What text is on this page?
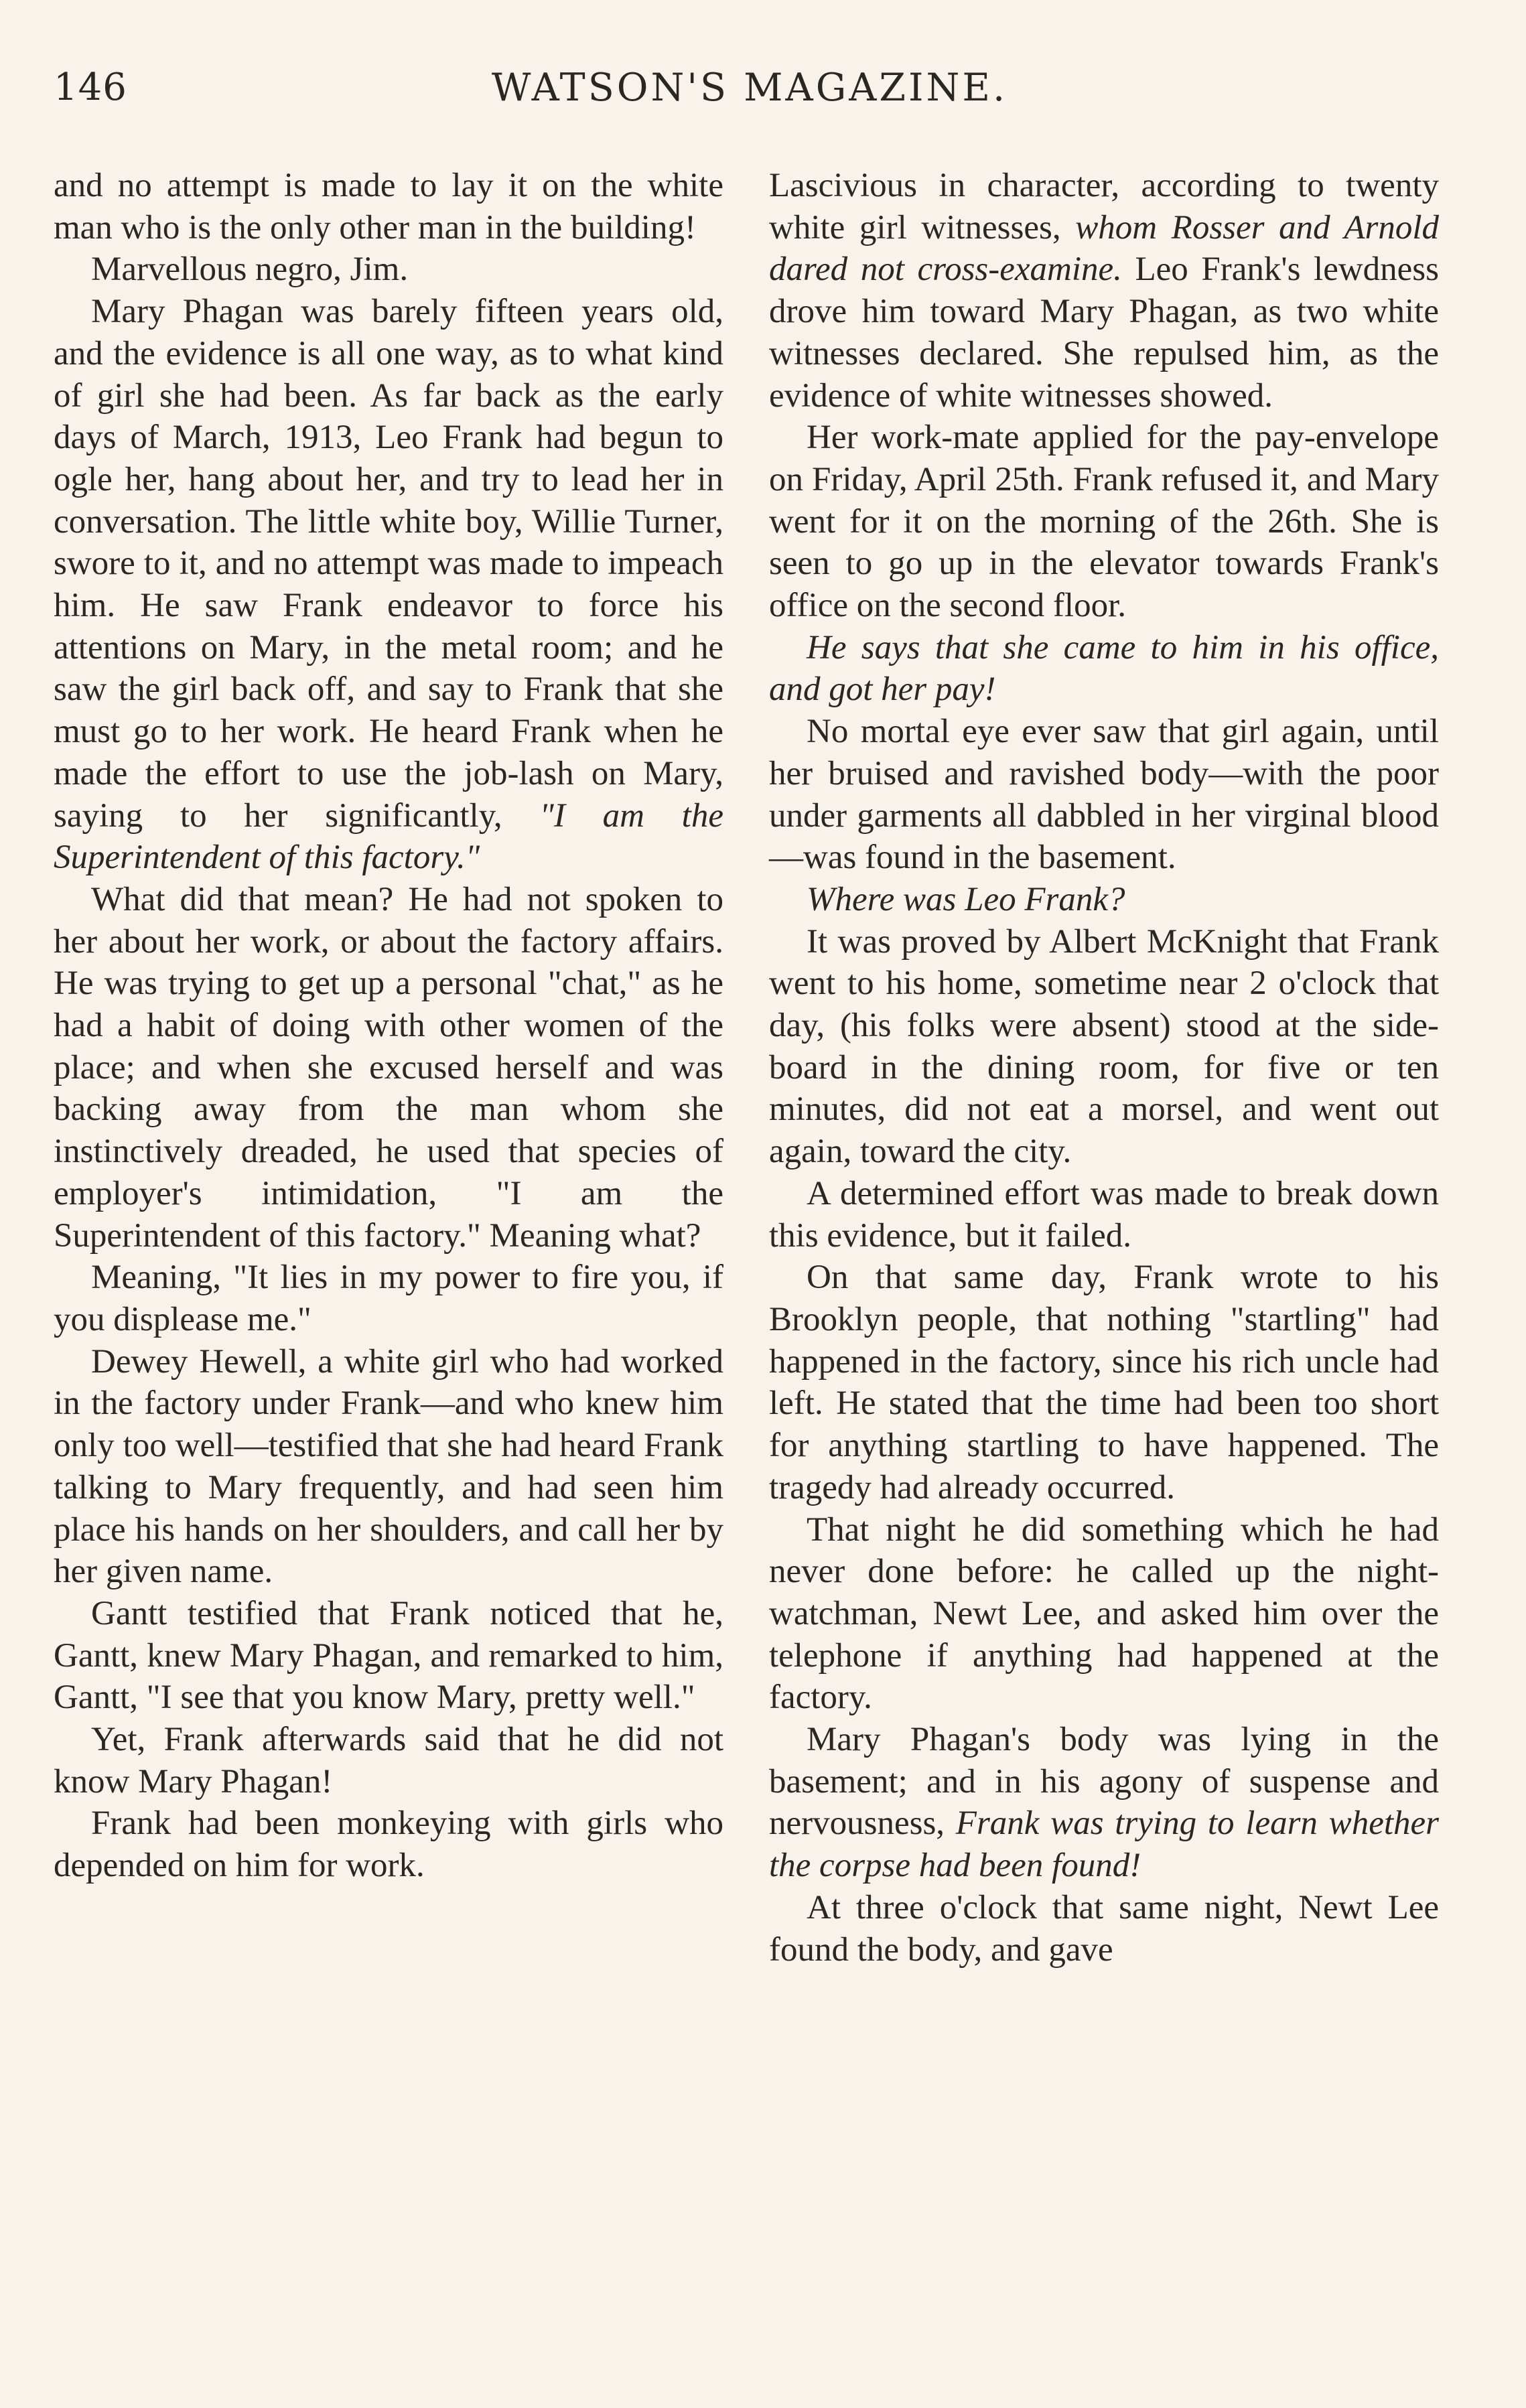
146	WATSON'S MAGAZINE.

and no attempt is made to lay it on the white man who is the only other man in the building!

Marvellous negro, Jim.

Mary Phagan was barely fifteen years old, and the evidence is all one way, as to what kind of girl she had been. As far back as the early days of March, 1913, Leo Frank had begun to ogle her, hang about her, and try to lead her in conversation. The little white boy, Willie Turner, swore to it, and no attempt was made to impeach him. He saw Frank endeavor to force his attentions on Mary, in the metal room; and he saw the girl back off, and say to Frank that she must go to her work. He heard Frank when he made the effort to use the job-lash on Mary, saying to her significantly, "I am the Superintendent of this factory."

What did that mean? He had not spoken to her about her work, or about the factory affairs. He was trying to get up a personal "chat," as he had a habit of doing with other women of the place; and when she excused herself and was backing away from the man whom she instinctively dreaded, he used that species of employer's intimidation, "I am the Superintendent of this factory." Meaning what?

Meaning, "It lies in my power to fire you, if you displease me."

Dewey Hewell, a white girl who had worked in the factory under Frank—and who knew him only too well—testified that she had heard Frank talking to Mary frequently, and had seen him place his hands on her shoulders, and call her by her given name.

Gantt testified that Frank noticed that he, Gantt, knew Mary Phagan, and remarked to him, Gantt, "I see that you know Mary, pretty well."

Yet, Frank afterwards said that he did not know Mary Phagan!

Frank had been monkeying with girls who depended on him for work.

Lascivious in character, according to twenty white girl witnesses, whom Rosser and Arnold dared not cross-examine. Leo Frank's lewdness drove him toward Mary Phagan, as two white witnesses declared. She repulsed him, as the evidence of white witnesses showed.

Her work-mate applied for the pay-envelope on Friday, April 25th. Frank refused it, and Mary went for it on the morning of the 26th. She is seen to go up in the elevator towards Frank's office on the second floor.

He says that she came to him in his office, and got her pay!

No mortal eye ever saw that girl again, until her bruised and ravished body—with the poor under garments all dabbled in her virginal blood—was found in the basement.

Where was Leo Frank?

It was proved by Albert McKnight that Frank went to his home, sometime near 2 o'clock that day, (his folks were absent) stood at the side-board in the dining room, for five or ten minutes, did not eat a morsel, and went out again, toward the city.

A determined effort was made to break down this evidence, but it failed.

On that same day, Frank wrote to his Brooklyn people, that nothing "startling" had happened in the factory, since his rich uncle had left. He stated that the time had been too short for anything startling to have happened. The tragedy had already occurred.

That night he did something which he had never done before: he called up the night-watchman, Newt Lee, and asked him over the telephone if anything had happened at the factory.

Mary Phagan's body was lying in the basement; and in his agony of suspense and nervousness, Frank was trying to learn whether the corpse had been found!

At three o'clock that same night, Newt Lee found the body, and gave
